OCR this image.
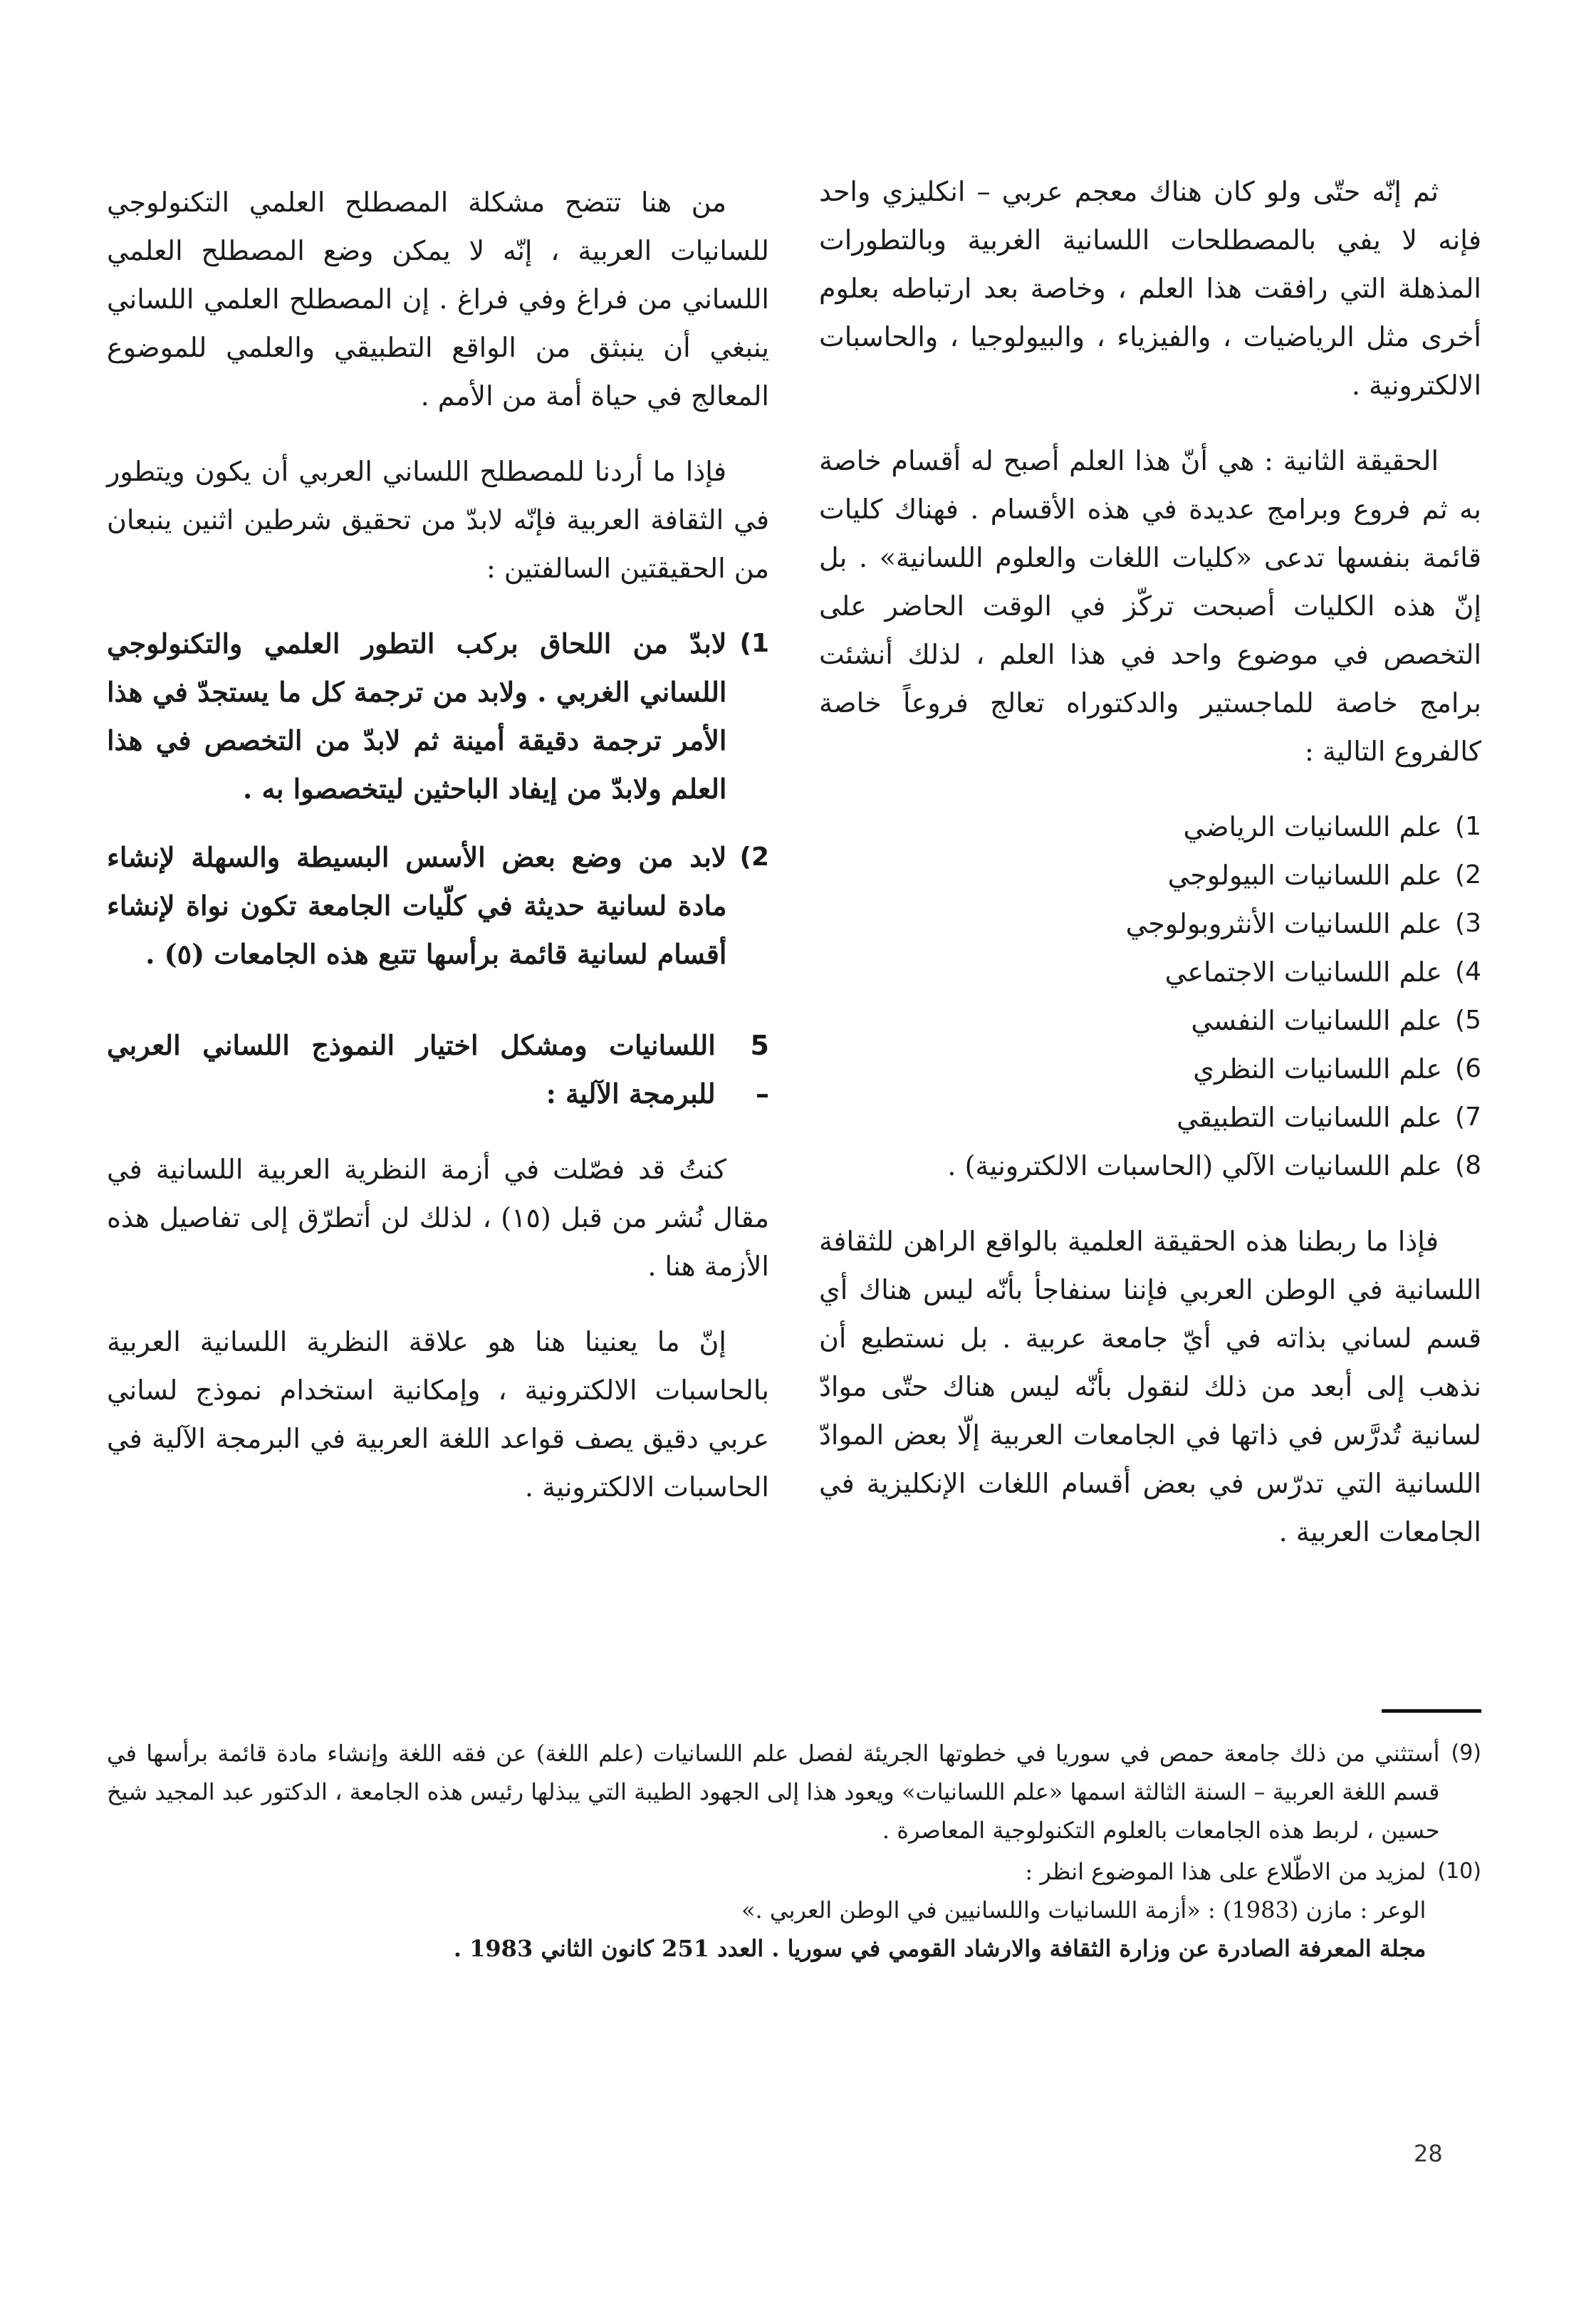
ثم إنّه حتّى ولو كان هناك معجم عربي – انكليزي واحد فإنه لا يفي بالمصطلحات اللسانية الغربية وبالتطورات المذهلة التي رافقت هذا العلم ، وخاصة بعد ارتباطه بعلوم أخرى مثل الرياضيات ، والفيزياء ، والبيولوجيا ، والحاسبات الالكترونية .

الحقيقة الثانية : هي أنّ هذا العلم أصبح له أقسام خاصة به ثم فروع وبرامج عديدة في هذه الأقسام . فهناك كليات قائمة بنفسها تدعى «كليات اللغات والعلوم اللسانية» . بل إنّ هذه الكليات أصبحت تركّز في الوقت الحاضر على التخصص في موضوع واحد في هذا العلم ، لذلك أنشئت برامج خاصة للماجستير والدكتوراه تعالج فروعاً خاصة كالفروع التالية :

1)
علم اللسانيات الرياضي
2)
علم اللسانيات البيولوجي
3)
علم اللسانيات الأنثروبولوجي
4)
علم اللسانيات الاجتماعي
5)
علم اللسانيات النفسي
6)
علم اللسانيات النظري
7)
علم اللسانيات التطبيقي
8)
علم اللسانيات الآلي (الحاسبات الالكترونية) .

فإذا ما ربطنا هذه الحقيقة العلمية بالواقع الراهن للثقافة اللسانية في الوطن العربي فإننا سنفاجأ بأنّه ليس هناك أي قسم لساني بذاته في أيّ جامعة عربية . بل نستطيع أن نذهب إلى أبعد من ذلك لنقول بأنّه ليس هناك حتّى موادّ لسانية تُدرَّس في ذاتها في الجامعات العربية إلّا بعض الموادّ اللسانية التي تدرّس في بعض أقسام اللغات الإنكليزية في الجامعات العربية .

من هنا تتضح مشكلة المصطلح العلمي التكنولوجي للسانيات العربية ، إنّه لا يمكن وضع المصطلح العلمي اللساني من فراغ وفي فراغ . إن المصطلح العلمي اللساني ينبغي أن ينبثق من الواقع التطبيقي والعلمي للموضوع المعالج في حياة أمة من الأمم .

فإذا ما أردنا للمصطلح اللساني العربي أن يكون ويتطور في الثقافة العربية فإنّه لابدّ من تحقيق شرطين اثنين ينبعان من الحقيقتين السالفتين :

1)
لابدّ من اللحاق بركب التطور العلمي والتكنولوجي اللساني الغربي . ولابد من ترجمة كل ما يستجدّ في هذا الأمر ترجمة دقيقة أمينة ثم لابدّ من التخصص في هذا العلم ولابدّ من إيفاد الباحثين ليتخصصوا به .
2)
لابد من وضع بعض الأسس البسيطة والسهلة لإنشاء مادة لسانية حديثة في كلّيات الجامعة تكون نواة لإنشاء أقسام لسانية قائمة برأسها تتبع هذه الجامعات (٥) .
5 –
اللسانيات ومشكل اختيار النموذج اللساني العربي للبرمجة الآلية :

كنتُ قد فصّلت في أزمة النظرية العربية اللسانية في مقال نُشر من قبل (١٥) ، لذلك لن أتطرّق إلى تفاصيل هذه الأزمة هنا .

إنّ ما يعنينا هنا هو علاقة النظرية اللسانية العربية بالحاسبات الالكترونية ، وإمكانية استخدام نموذج لساني عربي دقيق يصف قواعد اللغة العربية في البرمجة الآلية في الحاسبات الالكترونية .

(9)
أستثني من ذلك جامعة حمص في سوريا في خطوتها الجريئة لفصل علم اللسانيات (علم اللغة) عن فقه اللغة وإنشاء مادة قائمة برأسها في قسم اللغة العربية – السنة الثالثة اسمها «علم اللسانيات» ويعود هذا إلى الجهود الطيبة التي يبذلها رئيس هذه الجامعة ، الدكتور عبد المجيد شيخ حسين ، لربط هذه الجامعات بالعلوم التكنولوجية المعاصرة .
(10)
لمزيد من الاطّلاع على هذا الموضوع انظر :
الوعر : مازن (1983) : «أزمة اللسانيات واللسانيين في الوطن العربي .»
مجلة المعرفة الصادرة عن وزارة الثقافة والارشاد القومي في سوريا . العدد 251 كانون الثاني 1983 .
28
